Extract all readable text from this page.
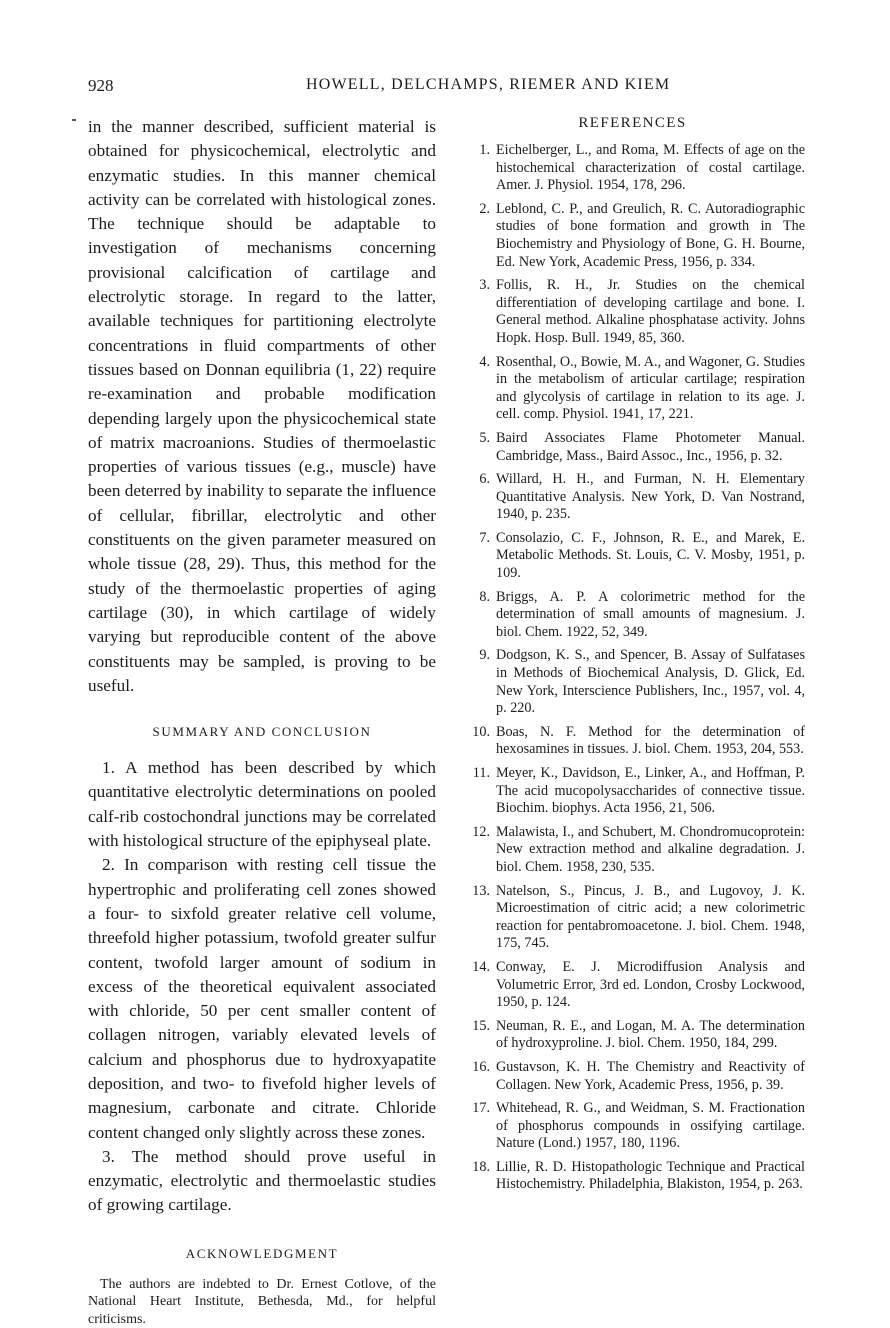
928	HOWELL, DELCHAMPS, RIEMER AND KIEM

in the manner described, sufficient material is obtained for physicochemical, electrolytic and enzymatic studies. In this manner chemical activity can be correlated with histological zones. The technique should be adaptable to investigation of mechanisms concerning provisional calcification of cartilage and electrolytic storage. In regard to the latter, available techniques for partitioning electrolyte concentrations in fluid compartments of other tissues based on Donnan equilibria (1, 22) require re-examination and probable modification depending largely upon the physicochemical state of matrix macroanions. Studies of thermoelastic properties of various tissues (e.g., muscle) have been deterred by inability to separate the influence of cellular, fibrillar, electrolytic and other constituents on the given parameter measured on whole tissue (28, 29). Thus, this method for the study of the thermoelastic properties of aging cartilage (30), in which cartilage of widely varying but reproducible content of the above constituents may be sampled, is proving to be useful.

SUMMARY AND CONCLUSION

1. A method has been described by which quantitative electrolytic determinations on pooled calf-rib costochondral junctions may be correlated with histological structure of the epiphyseal plate.

2. In comparison with resting cell tissue the hypertrophic and proliferating cell zones showed a four- to sixfold greater relative cell volume, threefold higher potassium, twofold greater sulfur content, twofold larger amount of sodium in excess of the theoretical equivalent associated with chloride, 50 per cent smaller content of collagen nitrogen, variably elevated levels of calcium and phosphorus due to hydroxyapatite deposition, and two- to fivefold higher levels of magnesium, carbonate and citrate. Chloride content changed only slightly across these zones.

3. The method should prove useful in enzymatic, electrolytic and thermoelastic studies of growing cartilage.

ACKNOWLEDGMENT

The authors are indebted to Dr. Ernest Cotlove, of the National Heart Institute, Bethesda, Md., for helpful criticisms.

REFERENCES

1. Eichelberger, L., and Roma, M. Effects of age on the histochemical characterization of costal cartilage. Amer. J. Physiol. 1954, 178, 296.

2. Leblond, C. P., and Greulich, R. C. Autoradiographic studies of bone formation and growth in The Biochemistry and Physiology of Bone, G. H. Bourne, Ed. New York, Academic Press, 1956, p. 334.

3. Follis, R. H., Jr. Studies on the chemical differentiation of developing cartilage and bone. I. General method. Alkaline phosphatase activity. Johns Hopk. Hosp. Bull. 1949, 85, 360.

4. Rosenthal, O., Bowie, M. A., and Wagoner, G. Studies in the metabolism of articular cartilage; respiration and glycolysis of cartilage in relation to its age. J. cell. comp. Physiol. 1941, 17, 221.

5. Baird Associates Flame Photometer Manual. Cambridge, Mass., Baird Assoc., Inc., 1956, p. 32.

6. Willard, H. H., and Furman, N. H. Elementary Quantitative Analysis. New York, D. Van Nostrand, 1940, p. 235.

7. Consolazio, C. F., Johnson, R. E., and Marek, E. Metabolic Methods. St. Louis, C. V. Mosby, 1951, p. 109.

8. Briggs, A. P. A colorimetric method for the determination of small amounts of magnesium. J. biol. Chem. 1922, 52, 349.

9. Dodgson, K. S., and Spencer, B. Assay of Sulfatases in Methods of Biochemical Analysis, D. Glick, Ed. New York, Interscience Publishers, Inc., 1957, vol. 4, p. 220.

10. Boas, N. F. Method for the determination of hexosamines in tissues. J. biol. Chem. 1953, 204, 553.

11. Meyer, K., Davidson, E., Linker, A., and Hoffman, P. The acid mucopolysaccharides of connective tissue. Biochim. biophys. Acta 1956, 21, 506.

12. Malawista, I., and Schubert, M. Chondromucoprotein: New extraction method and alkaline degradation. J. biol. Chem. 1958, 230, 535.

13. Natelson, S., Pincus, J. B., and Lugovoy, J. K. Microestimation of citric acid; a new colorimetric reaction for pentabromoacetone. J. biol. Chem. 1948, 175, 745.

14. Conway, E. J. Microdiffusion Analysis and Volumetric Error, 3rd ed. London, Crosby Lockwood, 1950, p. 124.

15. Neuman, R. E., and Logan, M. A. The determination of hydroxyproline. J. biol. Chem. 1950, 184, 299.

16. Gustavson, K. H. The Chemistry and Reactivity of Collagen. New York, Academic Press, 1956, p. 39.

17. Whitehead, R. G., and Weidman, S. M. Fractionation of phosphorus compounds in ossifying cartilage. Nature (Lond.) 1957, 180, 1196.

18. Lillie, R. D. Histopathologic Technique and Practical Histochemistry. Philadelphia, Blakiston, 1954, p. 263.
